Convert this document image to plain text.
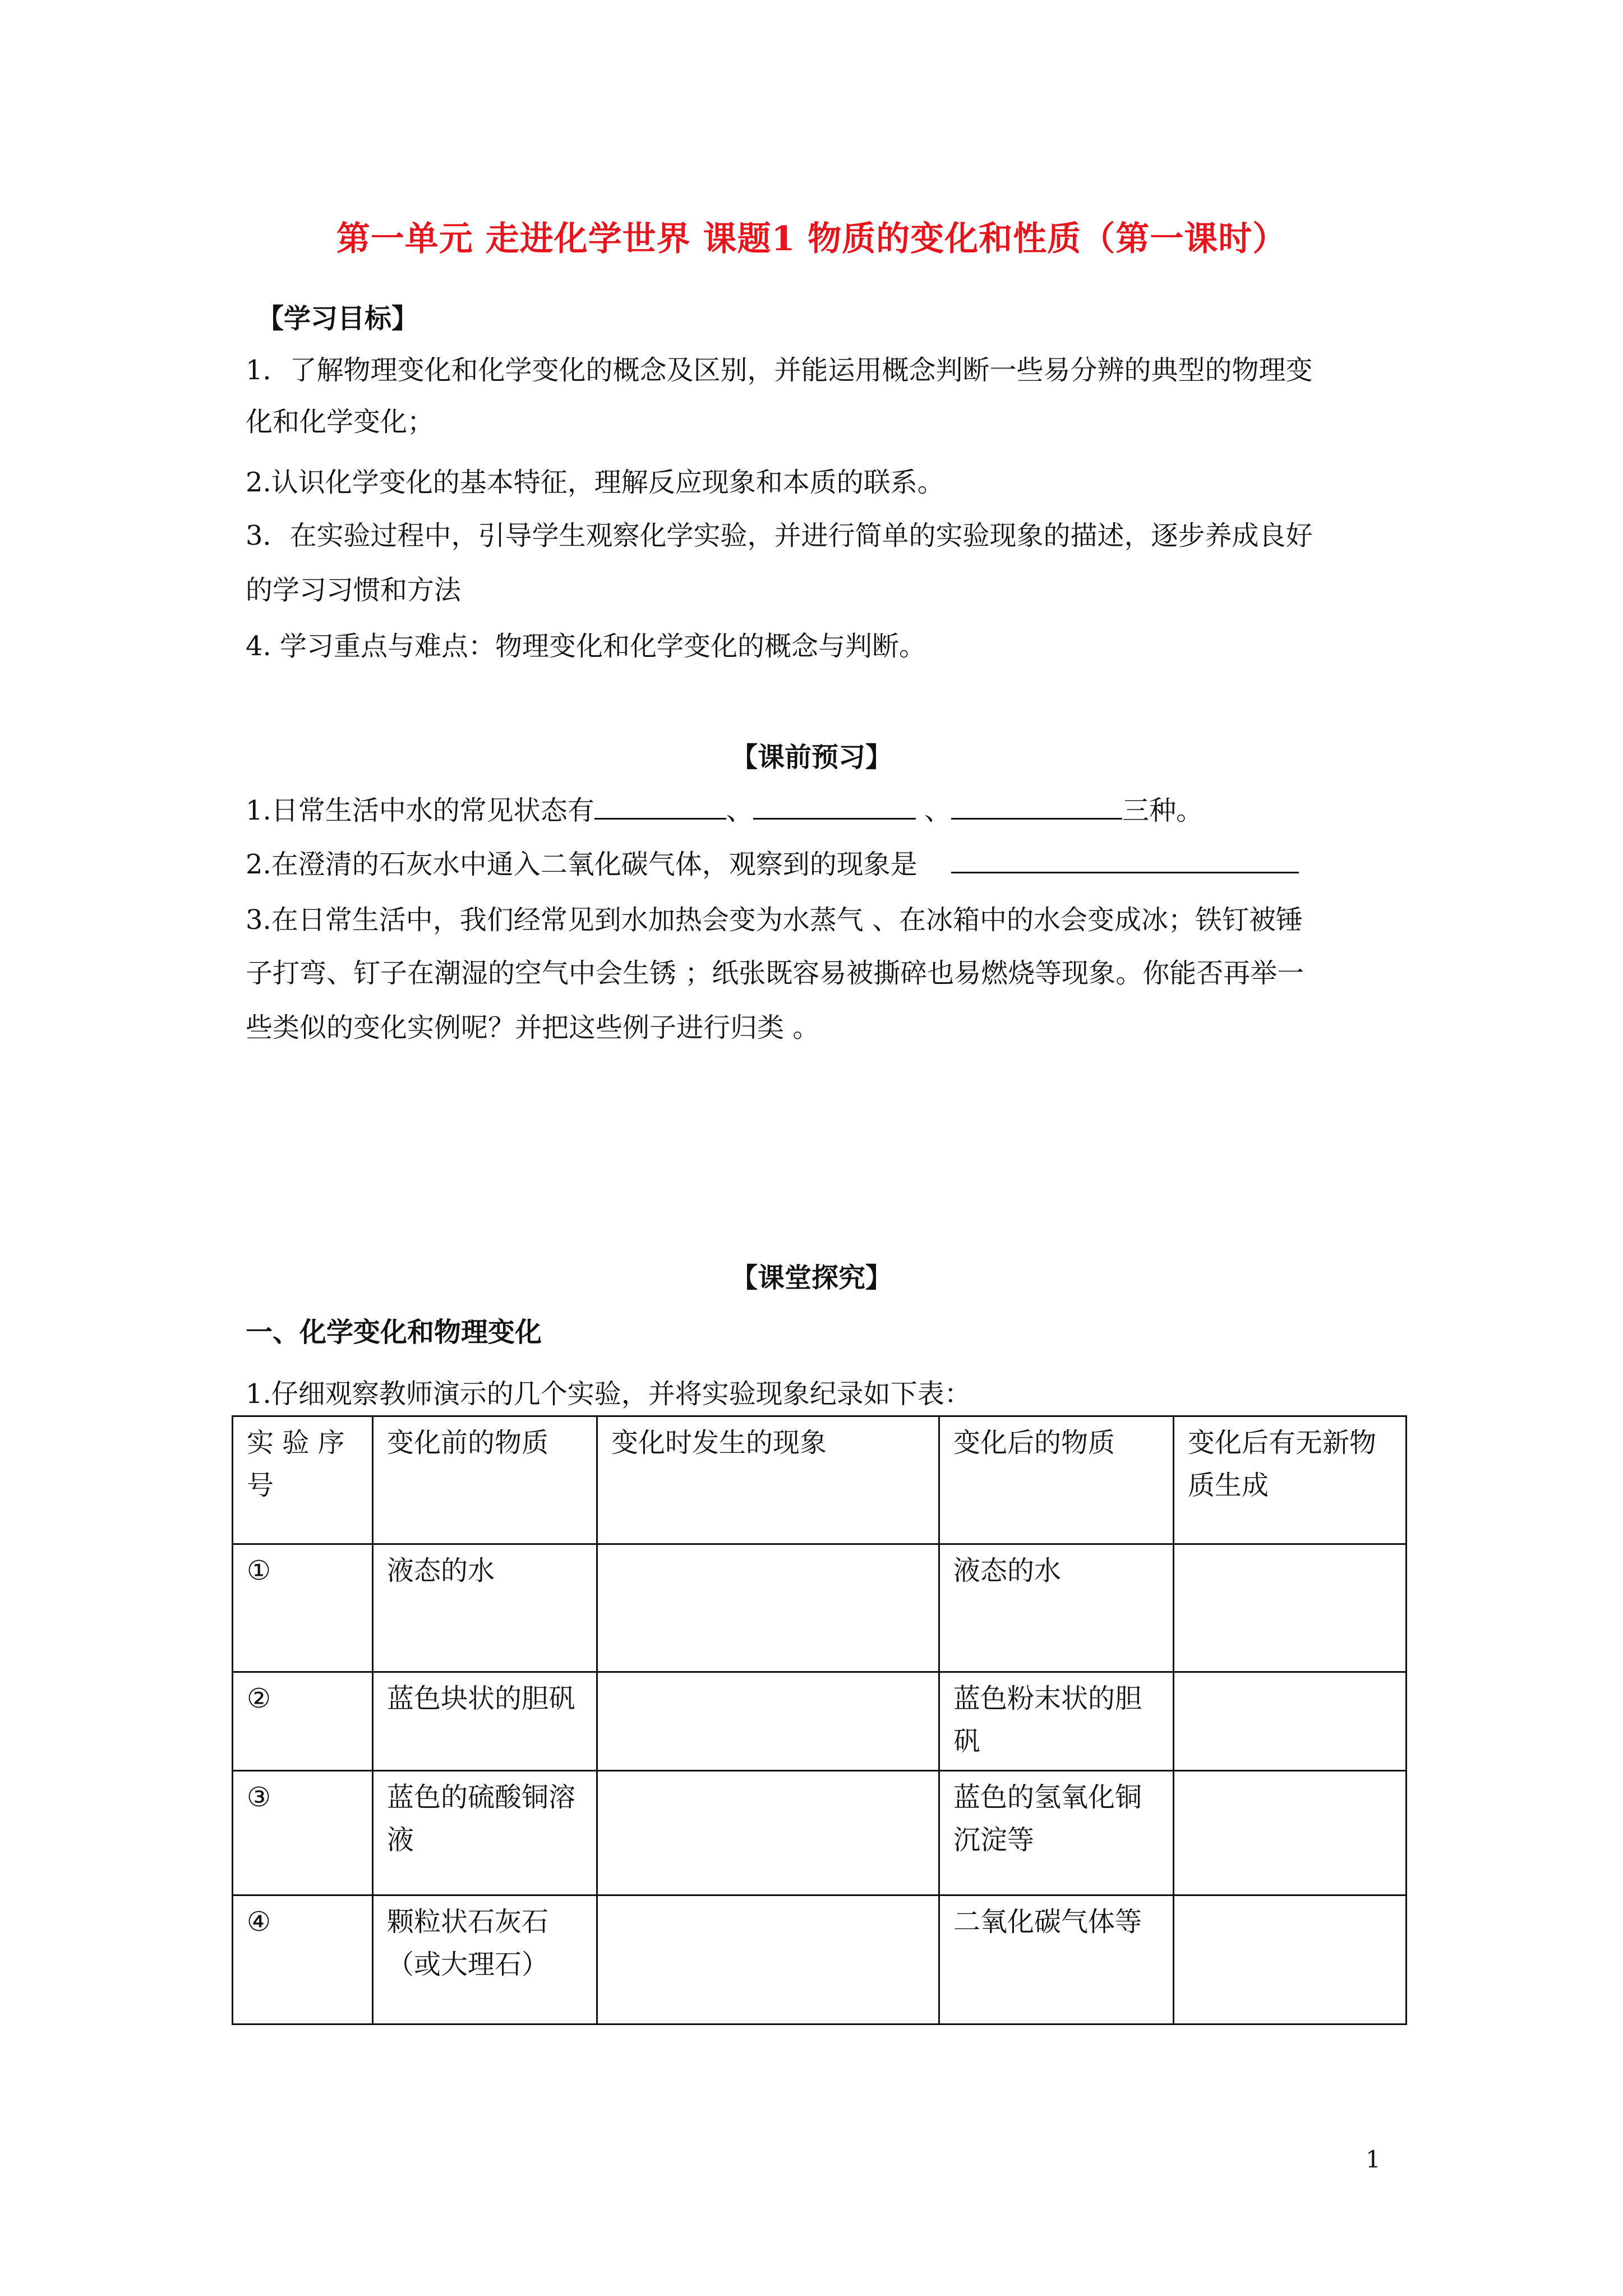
第一单元 走进化学世界 课题1 物质的变化和性质（第一课时）
【学习目标】
1．了解物理变化和化学变化的概念及区别，并能运用概念判断一些易分辨的典型的物理变
化和化学变化；
2.认识化学变化的基本特征，理解反应现象和本质的联系。
3．在实验过程中，引导学生观察化学实验，并进行简单的实验现象的描述，逐步养成良好
的学习习惯和方法
4. 学习重点与难点：物理变化和化学变化的概念与判断。
【课前预习】
1.日常生活中水的常见状态有	、	、	三种。
2.在澄清的石灰水中通入二氧化碳气体，观察到的现象是
3.在日常生活中，我们经常见到水加热会变为水蒸气 、在冰箱中的水会变成冰；铁钉被锤
子打弯、钉子在潮湿的空气中会生锈 ；纸张既容易被撕碎也易燃烧等现象。你能否再举一
些类似的变化实例呢？并把这些例子进行归类 。
【课堂探究】
一、化学变化和物理变化
1.仔细观察教师演示的几个实验，并将实验现象纪录如下表：
实 验 序号	变化前的物质	变化时发生的现象	变化后的物质	变化后有无新物质生成
①	液态的水		液态的水	
②	蓝色块状的胆矾		蓝色粉末状的胆矾	
③	蓝色的硫酸铜溶液		蓝色的氢氧化铜沉淀等	
④	颗粒状石灰石（或大理石）		二氧化碳气体等	
1
